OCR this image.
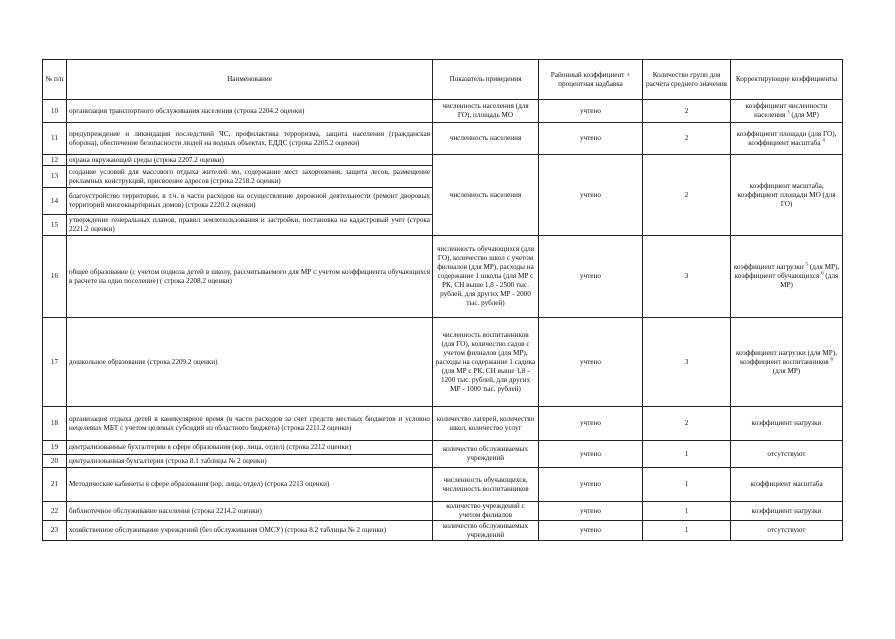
№ п/п	Наименование	Показатель приведения	Районный коэффициент + процентная надбавка	Количество групп для расчета среднего значения	Корректирующие коэффициенты
10	организация транспортного обслуживания населения (строка 2204.2 оценки)	численность населения (для ГО), площадь МО	учтено	2	коэффициент численности населения $^3$ (для МР)
11	предупреждение и ликвидация последствий ЧС, профилактика терроризма, защита населения (гражданская оборона), обеспечение безопасности людей на водных объектах, ЕДДС (строка 2205.2 оценки)	численность населения	учтено	2	коэффициент площади (для ГО), коэффициент масштаба $^4$
12	охрана окружающей среды (строка 2207.2 оценки)	численность населения	учтено	2	коэффициент масштаба, коэффициент площади МО (для ГО)
13	создание условий для массового отдыха жителей мо, содержание мест захоронения, защита лесов, размещение рекламных конструкций, присвоение адресов (строка 2218.2 оценки)				
14	благоустройство территории, в т.ч. в части расходов на осуществление дорожной деятельности (ремонт дворовых территорий многоквартирных домов) (строка 2220.2 оценки)				
15	утверждение генеральных планов, правил землепользования и застройки, постановка на кадастровый учет (строка 2221.2 оценки)				
16	общее образование (с учетом подвоза детей в школу, рассчитываемого для МР с учетом коэффициента обучающихся в расчете на одно поселение) ( строка 2208.2 оценки)	численность обучающихся (для ГО), количество школ с учетом филиалов (для МР), расходы на содержание 1 школы (для МР с РК, СН выше 1,8 - 2500 тыс. рублей, для других МР - 2000 тыс. рублей)	учтено	3	коэффициент нагрузки $^5$ (для МР), коэффициент обучающихся $^6$ (для МР)
17	дошкольное образование (строка 2209.2 оценки)	численность воспитанников (для ГО), количество садов с учетом филиалов (для МР), расходы на содержание 1 садика (для МР с РК, СН выше 1,8 - 1200 тыс. рублей, для других МР - 1000 тыс. рублей)	учтено	3	коэффициент нагрузки (для МР), коэффициент воспитанников $^6$ (для МР)
18	организация отдыха детей в каникулярное время (в части расходов за счет средств местных бюджетов и условно нецелевых МБТ с учетом целевых субсидий из областного бюджета) (строка 2211.2 оценки)	количество лагерей, количество школ, количество услуг	учтено	2	коэффициент нагрузки
19	централизованные бухгалтерии в сфере образования (юр. лица, отдел) (строка 2212 оценки)	количество обслуживаемых учреждений	учтено	1	отсутствуют
20	централизованная бухгалтерия (строка 8.1 таблицы № 2 оценки)				
21	Методические кабинеты в сфере образования (юр. лица, отдел) (строка 2213 оценки)	численность обучающихся, численность воспитанников	учтено	1	коэффициент масштаба
22	библиотечное обслуживание населения (строка 2214.2 оценки)	количество учреждений с учетом филиалов	учтено	1	коэффициент нагрузки
23	хозяйственное обслуживание учреждений (без обслуживания ОМСУ) (строка 8.2 таблицы № 2 оценки)	количество обслуживаемых учреждений	учтено	1	отсутствуют
